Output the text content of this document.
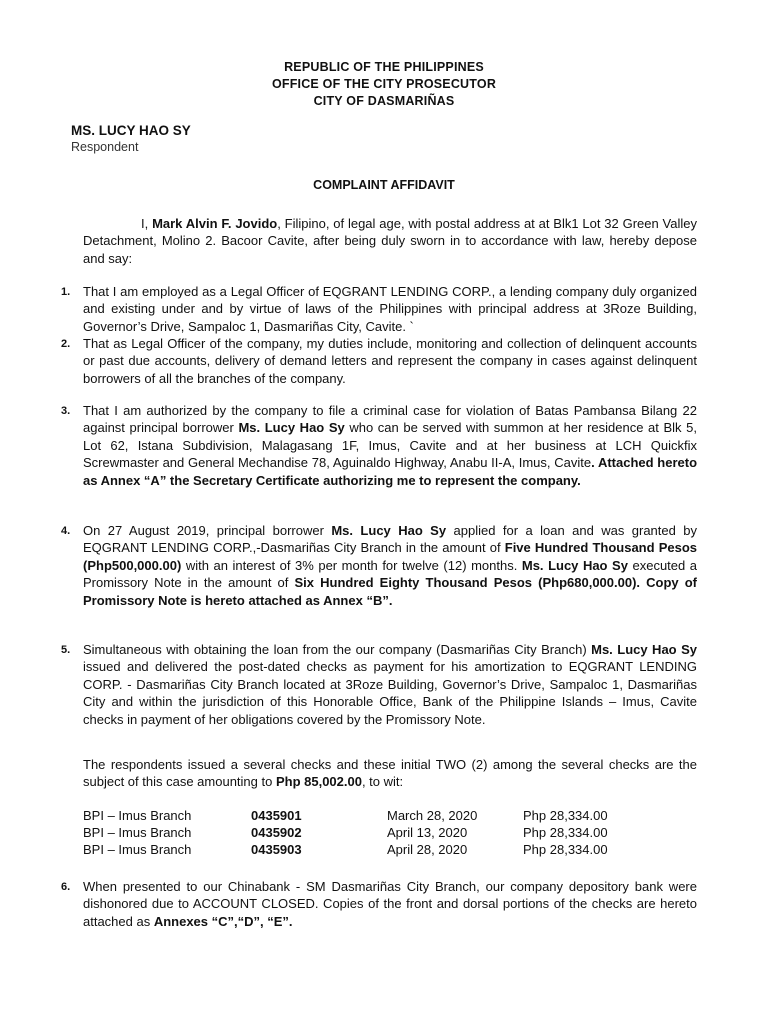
REPUBLIC OF THE PHILIPPINES
OFFICE OF THE CITY PROSECUTOR
CITY OF DASMARIÑAS
MS. LUCY HAO SY
Respondent
COMPLAINT AFFIDAVIT
I, Mark Alvin F. Jovido, Filipino, of legal age, with postal address at at Blk1 Lot 32 Green Valley Detachment, Molino 2. Bacoor Cavite, after being duly sworn in to accordance with law, hereby depose and say:
1. That I am employed as a Legal Officer of EQGRANT LENDING CORP., a lending company duly organized and existing under and by virtue of laws of the Philippines with principal address at 3Roze Building, Governor’s Drive, Sampaloc 1, Dasmariñas City, Cavite. `
2. That as Legal Officer of the company, my duties include, monitoring and collection of delinquent accounts or past due accounts, delivery of demand letters and represent the company in cases against delinquent borrowers of all the branches of the company.
3. That I am authorized by the company to file a criminal case for violation of Batas Pambansa Bilang 22 against principal borrower Ms. Lucy Hao Sy who can be served with summon at her residence at Blk 5, Lot 62, Istana Subdivision, Malagasang 1F, Imus, Cavite and at her business at LCH Quickfix Screwmaster and General Mechandise 78, Aguinaldo Highway, Anabu II-A, Imus, Cavite. Attached hereto as Annex “A” the Secretary Certificate authorizing me to represent the company.
4. On 27 August 2019, principal borrower Ms. Lucy Hao Sy applied for a loan and was granted by EQGRANT LENDING CORP.,-Dasmariñas City Branch in the amount of Five Hundred Thousand Pesos (Php500,000.00) with an interest of 3% per month for twelve (12) months. Ms. Lucy Hao Sy executed a Promissory Note in the amount of Six Hundred Eighty Thousand Pesos (Php680,000.00). Copy of Promissory Note is hereto attached as Annex “B”.
5. Simultaneous with obtaining the loan from the our company (Dasmariñas City Branch) Ms. Lucy Hao Sy issued and delivered the post-dated checks as payment for his amortization to EQGRANT LENDING CORP. - Dasmariñas City Branch located at 3Roze Building, Governor’s Drive, Sampaloc 1, Dasmariñas City and within the jurisdiction of this Honorable Office, Bank of the Philippine Islands – Imus, Cavite checks in payment of her obligations covered by the Promissory Note.
The respondents issued a several checks and these initial TWO (2) among the several checks are the subject of this case amounting to Php 85,002.00, to wit:
BPI – Imus Branch	0435901	March 28, 2020	Php 28,334.00
BPI – Imus Branch	0435902	April 13, 2020	Php 28,334.00
BPI – Imus Branch	0435903	April 28, 2020	Php 28,334.00
6. When presented to our Chinabank - SM Dasmariñas City Branch, our company depository bank were dishonored due to ACCOUNT CLOSED. Copies of the front and dorsal portions of the checks are hereto attached as Annexes “C”,“D”, “E”.
